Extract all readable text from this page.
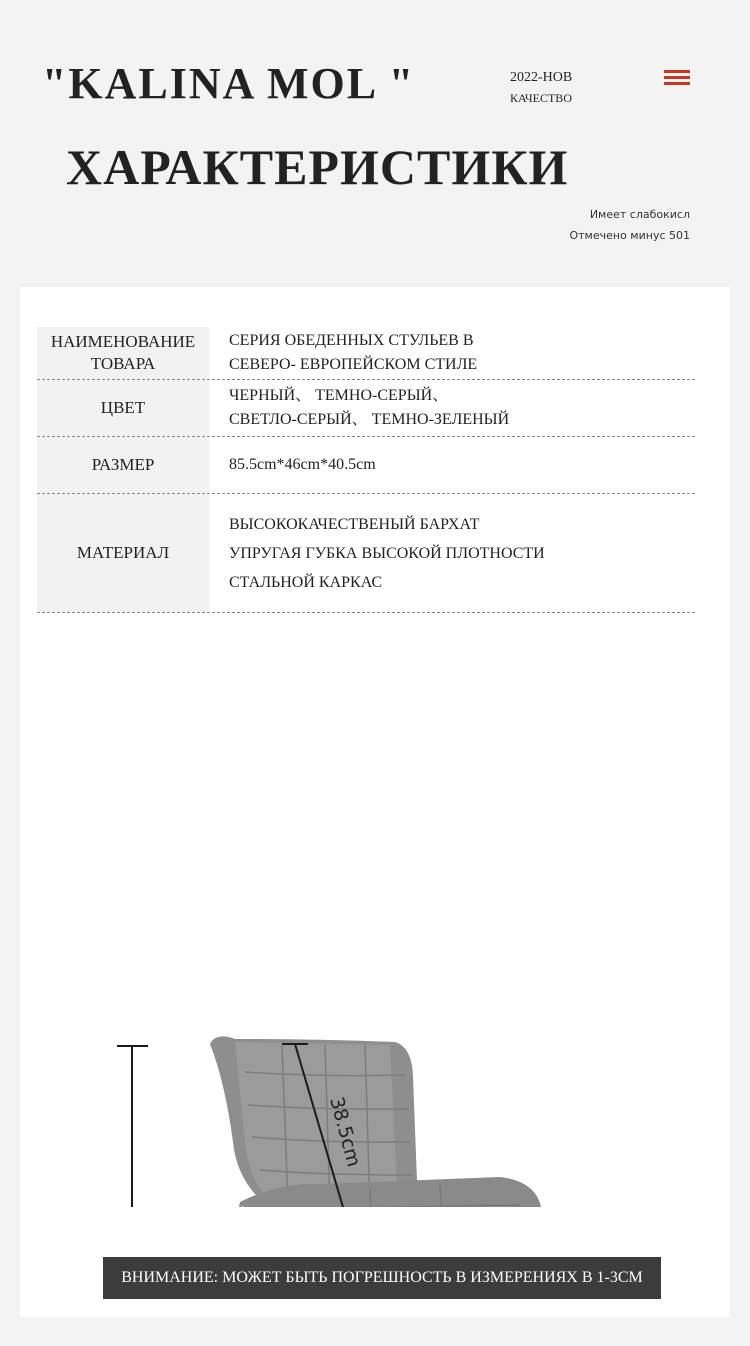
"KALINA MOL "	2022-НОВ
КАЧЕСТВО
ХАРАКТЕРИСТИКИ
Имеет слабокисл
Отмечено минус 501
НАИМЕНОВАНИЕ
ТОВАРА
СЕРИЯ ОБЕДЕННЫХ СТУЛЬЕВ В
СЕВЕРО- ЕВРОПЕЙСКОМ СТИЛЕ
ЦВЕТ
ЧЕРНЫЙ、 ТЕМНО-СЕРЫЙ、
СВЕТЛО-СЕРЫЙ、 ТЕМНО-ЗЕЛЕНЫЙ
РАЗМЕР	85.5cm*46cm*40.5cm
МАТЕРИАЛ
ВЫСОКОКАЧЕСТВЕНЫЙ БАРХАТ
УПРУГАЯ ГУБКА ВЫСОКОЙ ПЛОТНОСТИ
СТАЛЬНОЙ КАРКАС
38.5cm
ВНИМАНИЕ: МОЖЕТ БЫТЬ ПОГРЕШНОСТЬ В ИЗМЕРЕНИЯХ В 1-3СМ
